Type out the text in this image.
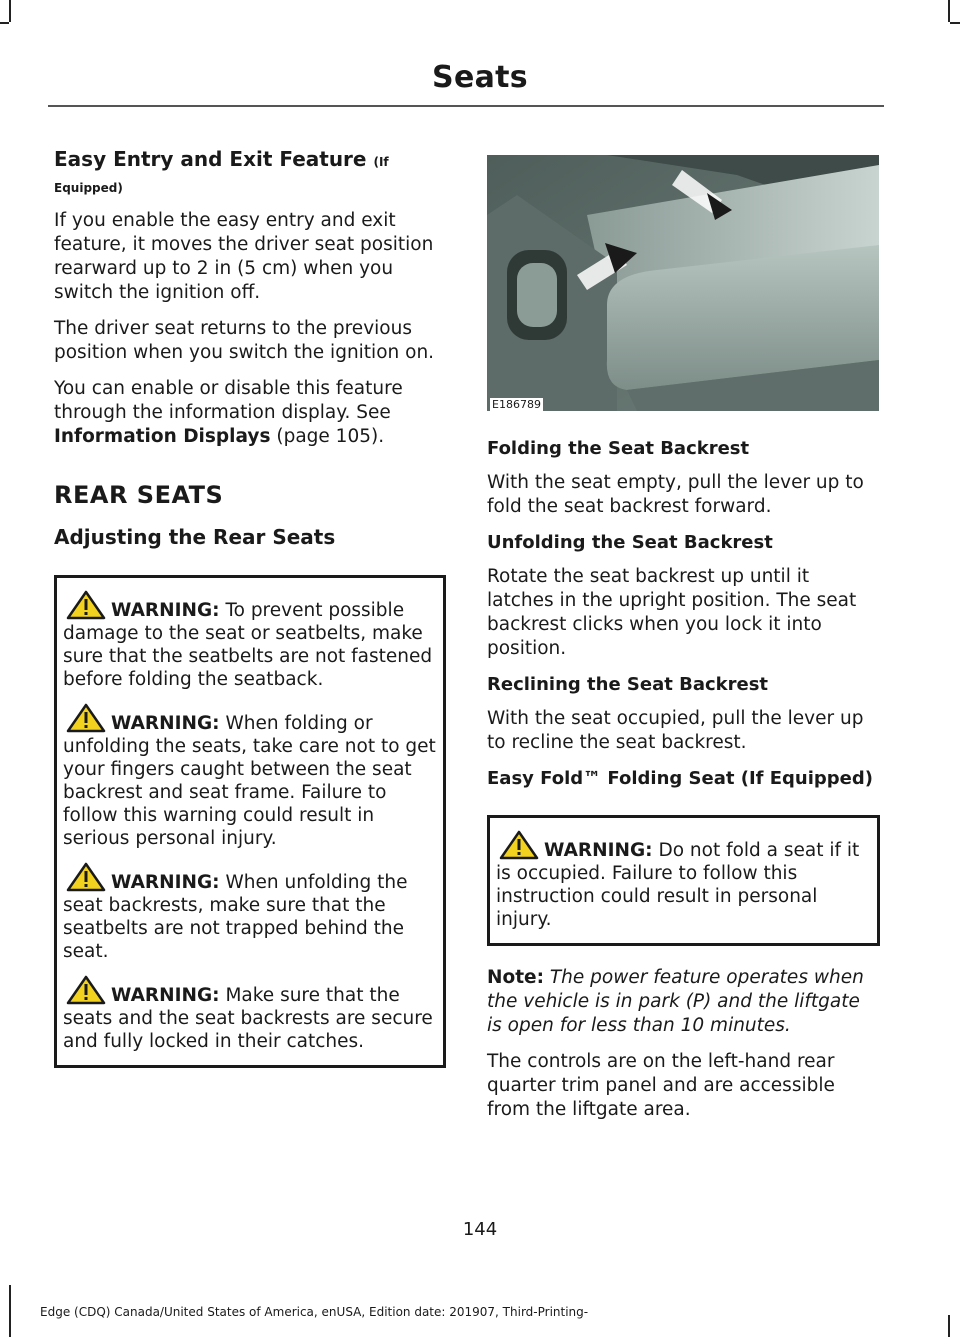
Seats
Easy Entry and Exit Feature (If
Equipped)

If you enable the easy entry and exit feature, it moves the driver seat position rearward up to 2 in (5 cm) when you switch the ignition off.

The driver seat returns to the previous position when you switch the ignition on.

You can enable or disable this feature through the information display. See Information Displays (page 105).

REAR SEATS
Adjusting the Rear Seats
WARNING: To prevent possible damage to the seat or seatbelts, make sure that the seatbelts are not fastened before folding the seatback.
WARNING: When folding or unfolding the seats, take care not to get your fingers caught between the seat backrest and seat frame. Failure to follow this warning could result in serious personal injury.
WARNING: When unfolding the seat backrests, make sure that the seatbelts are not trapped behind the seat.
WARNING: Make sure that the seats and the seat backrests are secure and fully locked in their catches.
E186789
Folding the Seat Backrest

With the seat empty, pull the lever up to fold the seat backrest forward.

Unfolding the Seat Backrest

Rotate the seat backrest up until it latches in the upright position. The seat backrest clicks when you lock it into position.

Reclining the Seat Backrest

With the seat occupied, pull the lever up to recline the seat backrest.

Easy Fold™ Folding Seat (If Equipped)
WARNING: Do not fold a seat if it is occupied. Failure to follow this instruction could result in personal injury.

Note: The power feature operates when the vehicle is in park (P) and the liftgate is open for less than 10 minutes.

The controls are on the left-hand rear quarter trim panel and are accessible from the liftgate area.

144
Edge (CDQ) Canada/United States of America, enUSA, Edition date: 201907, Third-Printing-
